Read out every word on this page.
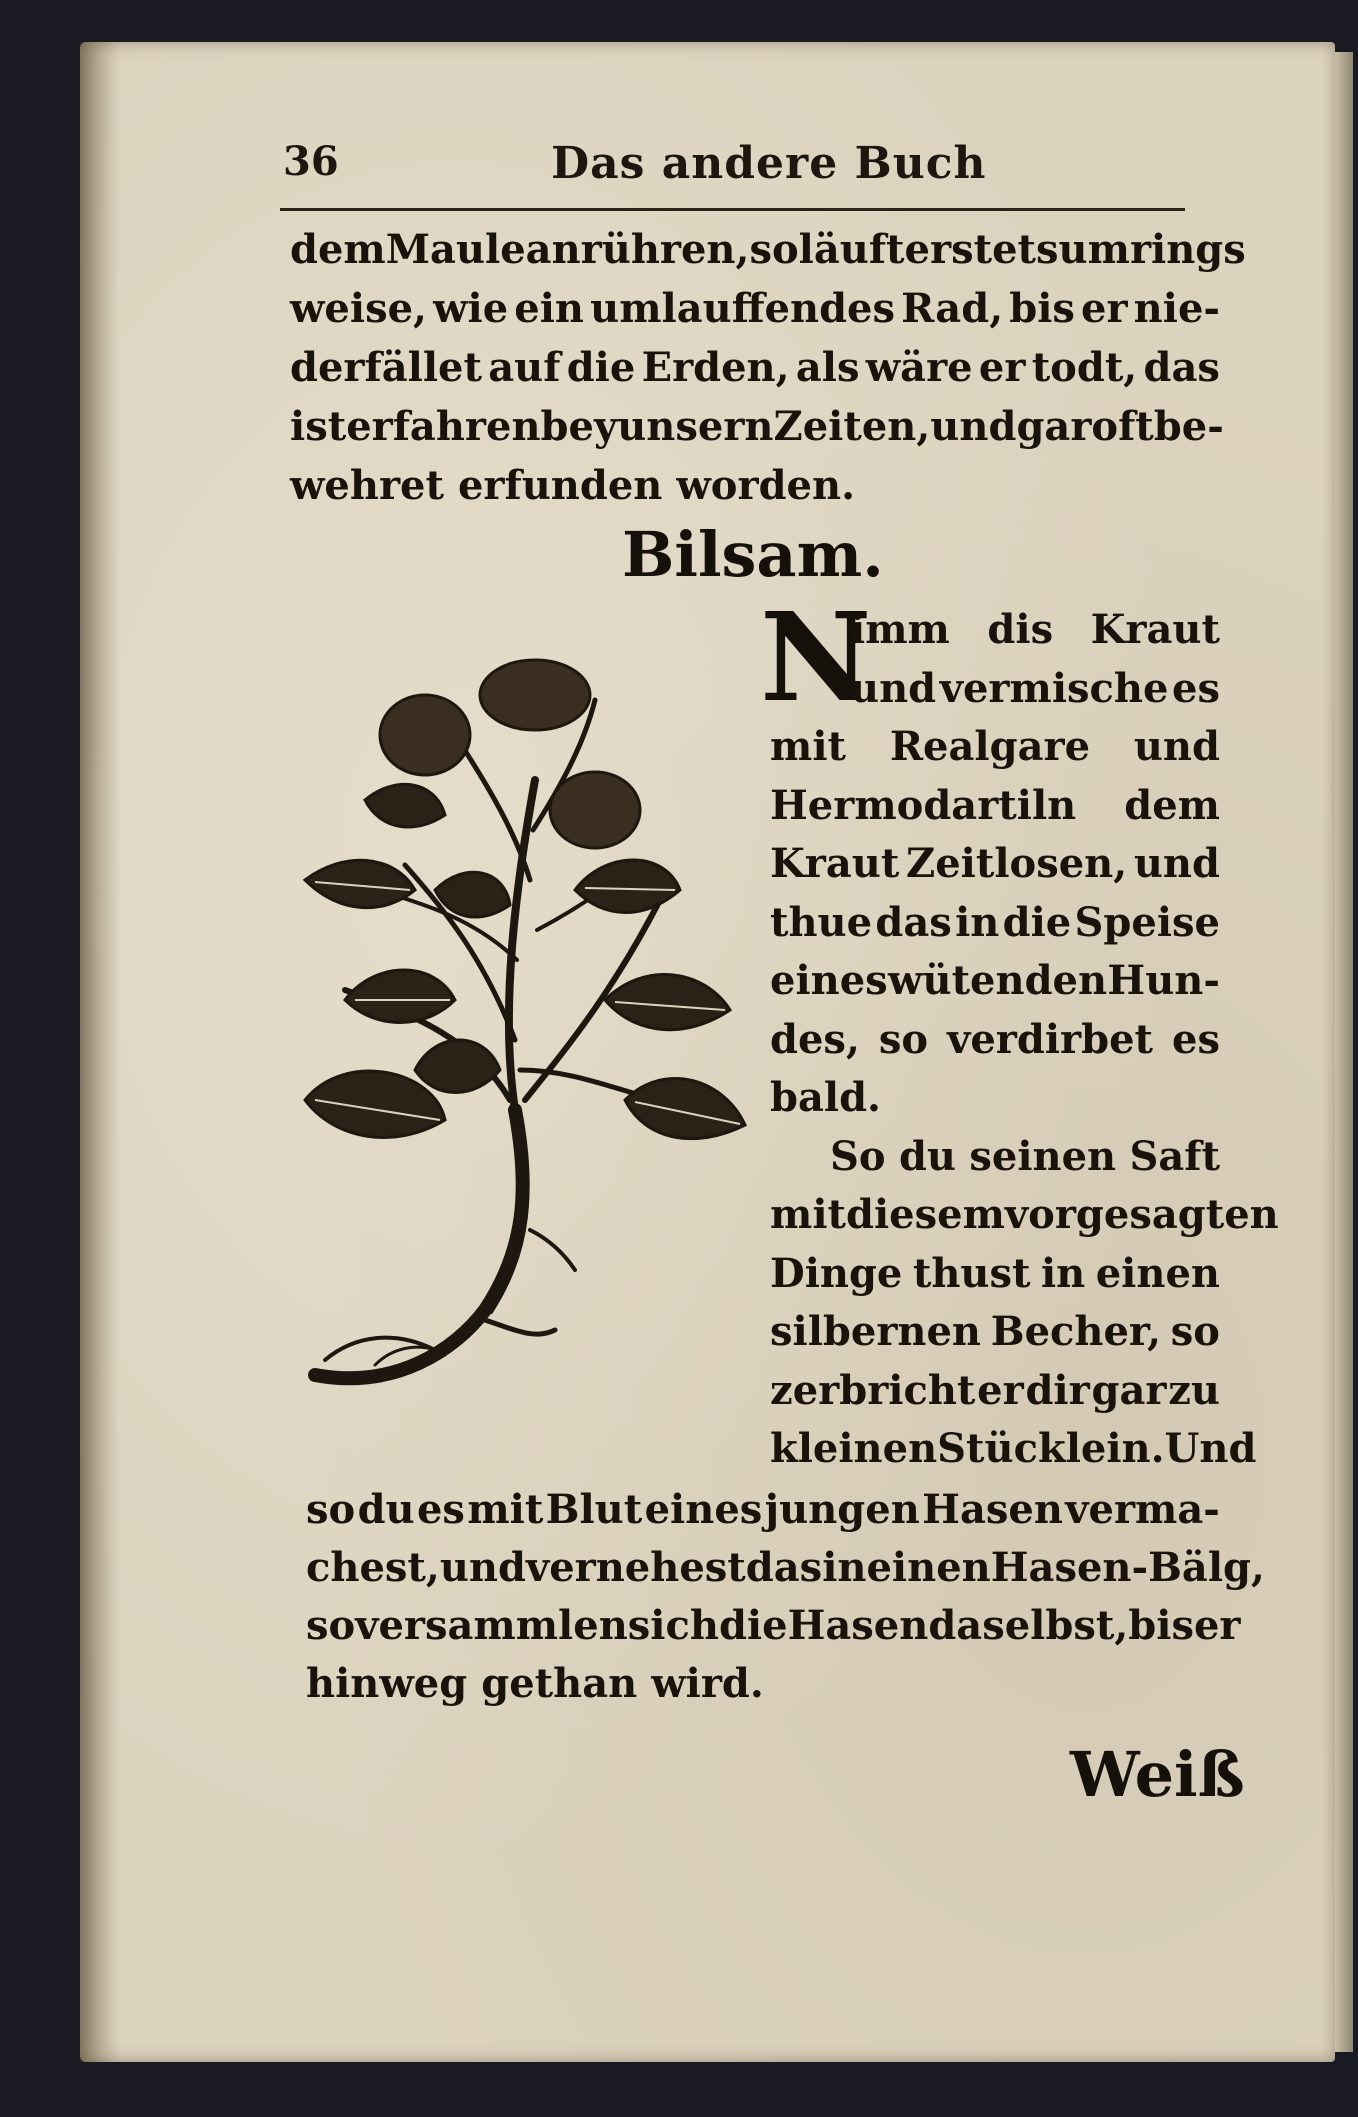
36	Das andere Buch
dem Maule anrühren, so läuft er stets umrings
weise, wie ein umlauffendes Rad, bis er nie-
derfället auf die Erden, als wäre er todt, das
ist erfahren bey unsern Zeiten, und gar oft be-
wehret erfunden worden.
Bilsam.
N
imm dis Kraut
und vermische es
mit Realgare und
Hermodartiln dem
Kraut Zeitlosen, und
thue das in die Speise
eines wütenden Hun-
des, so verdirbet es
bald.
So du seinen Saft
mit diesem vorgesagten
Dinge thust in einen
silbernen Becher, so
zerbricht er dir gar zu
kleinen Stücklein. Und
so du es mit Blut eines jungen Hasen verma-
chest, und vernehest das in einen Hasen-Bälg,
so versammlen sich die Hasen daselbst, bis er
hinweg gethan wird.
Weiß
